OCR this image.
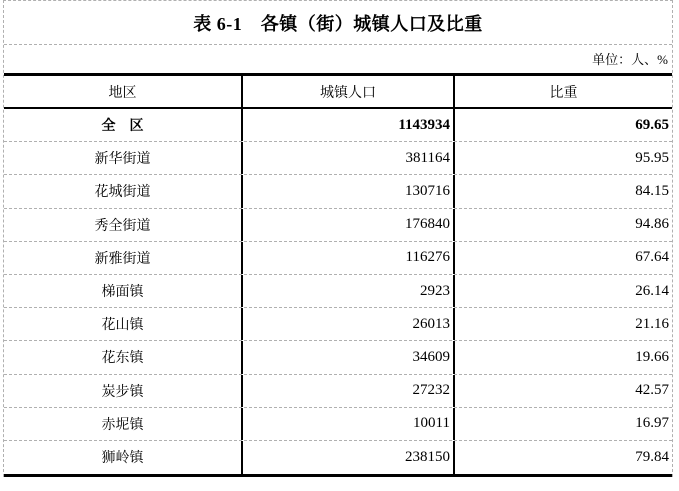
表 6-1　各镇（街）城镇人口及比重
单位：人、%
地区	城镇人口	比重
全　区	1143934	69.65
新华街道	381164	95.95
花城街道	130716	84.15
秀全街道	176840	94.86
新雅街道	116276	67.64
梯面镇	2923	26.14
花山镇	26013	21.16
花东镇	34609	19.66
炭步镇	27232	42.57
赤坭镇	10011	16.97
狮岭镇	238150	79.84
